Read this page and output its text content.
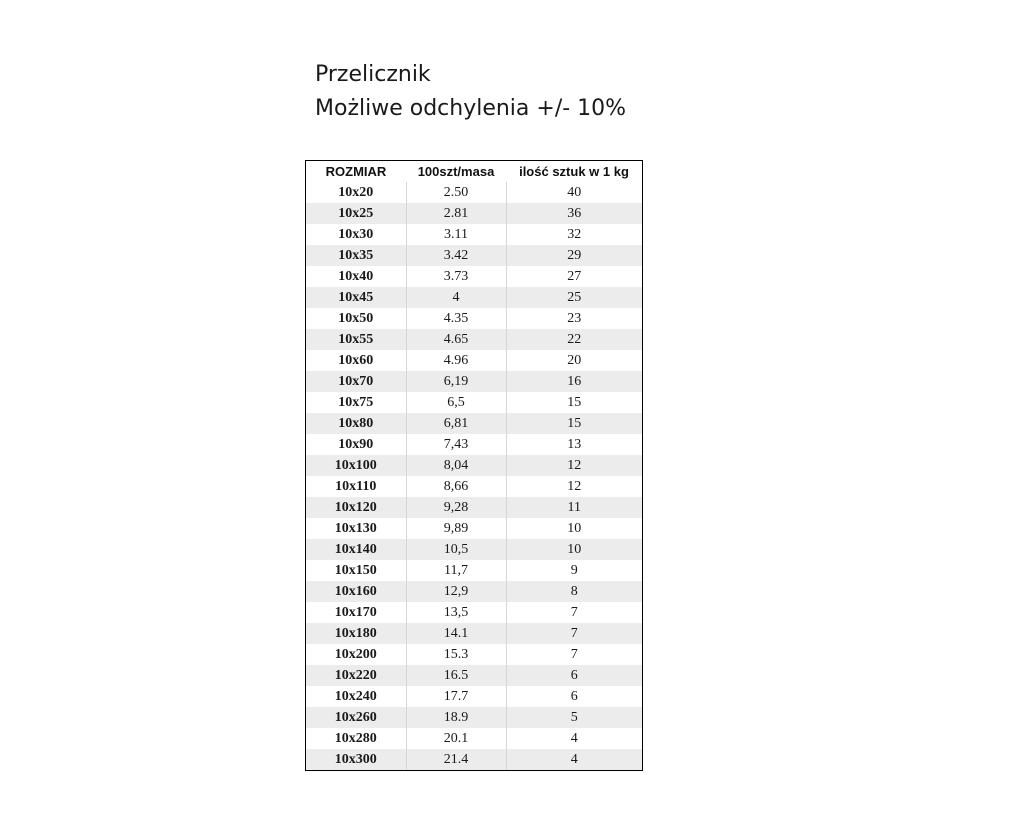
Przelicznik
Możliwe odchylenia +/- 10%
ROZMIAR	100szt/masa	ilość sztuk w 1 kg
10x20	2.50	40
10x25	2.81	36
10x30	3.11	32
10x35	3.42	29
10x40	3.73	27
10x45	4	25
10x50	4.35	23
10x55	4.65	22
10x60	4.96	20
10x70	6,19	16
10x75	6,5	15
10x80	6,81	15
10x90	7,43	13
10x100	8,04	12
10x110	8,66	12
10x120	9,28	11
10x130	9,89	10
10x140	10,5	10
10x150	11,7	9
10x160	12,9	8
10x170	13,5	7
10x180	14.1	7
10x200	15.3	7
10x220	16.5	6
10x240	17.7	6
10x260	18.9	5
10x280	20.1	4
10x300	21.4	4
